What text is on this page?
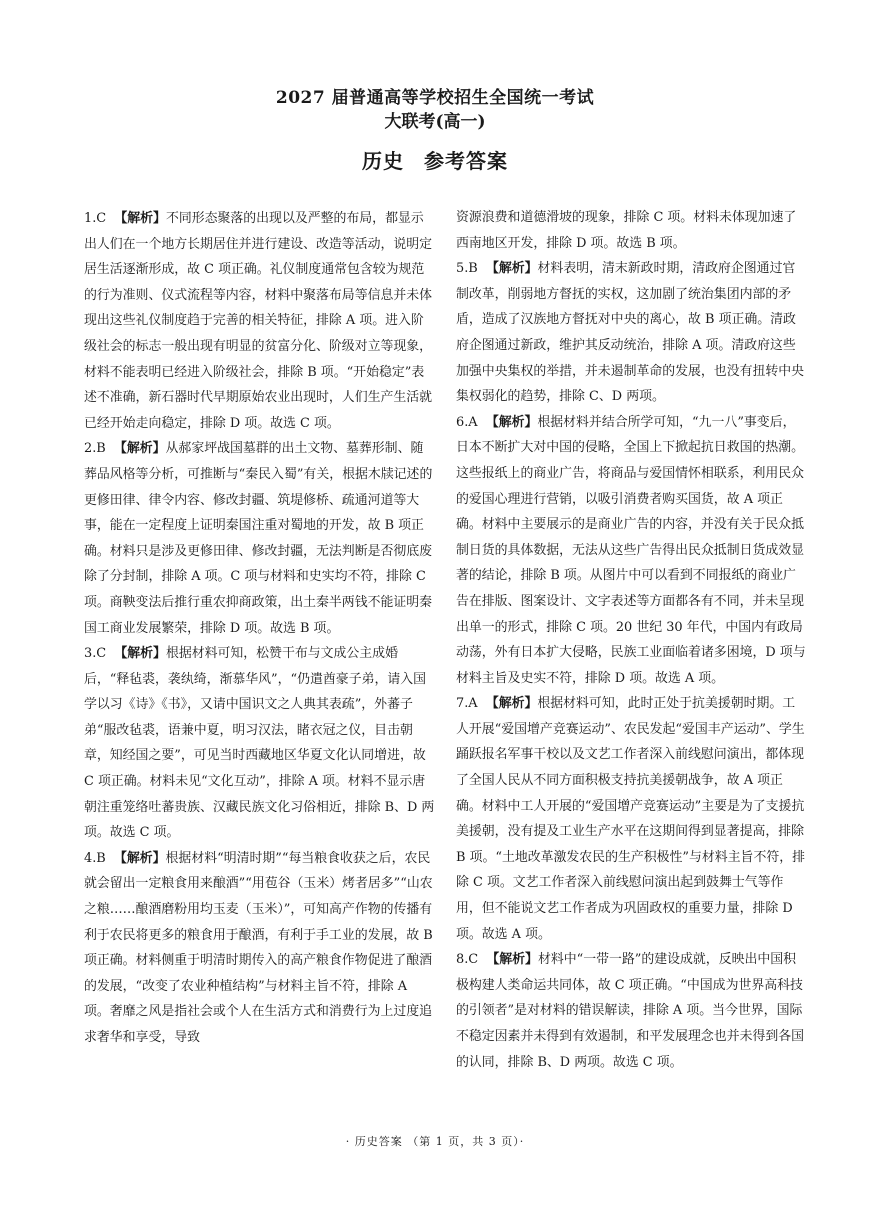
2027 届普通高等学校招生全国统一考试
大联考(高一)
历史 参考答案

1.C 【解析】不同形态聚落的出现以及严整的布局，都显示出人们在一个地方长期居住并进行建设、改造等活动，说明定居生活逐渐形成，故 C 项正确。礼仪制度通常包含较为规范的行为准则、仪式流程等内容，材料中聚落布局等信息并未体现出这些礼仪制度趋于完善的相关特征，排除 A 项。进入阶级社会的标志一般出现有明显的贫富分化、阶级对立等现象，材料不能表明已经进入阶级社会，排除 B 项。“开始稳定”表述不准确，新石器时代早期原始农业出现时，人们生产生活就已经开始走向稳定，排除 D 项。故选 C 项。

2.B 【解析】从郝家坪战国墓群的出土文物、墓葬形制、随葬品风格等分析，可推断与“秦民入蜀”有关，根据木牍记述的更修田律、律令内容、修改封疆、筑堤修桥、疏通河道等大事，能在一定程度上证明秦国注重对蜀地的开发，故 B 项正确。材料只是涉及更修田律、修改封疆，无法判断是否彻底废除了分封制，排除 A 项。C 项与材料和史实均不符，排除 C 项。商鞅变法后推行重农抑商政策，出土秦半两钱不能证明秦国工商业发展繁荣，排除 D 项。故选 B 项。

3.C 【解析】根据材料可知，松赞干布与文成公主成婚后，“释毡裘，袭纨绮，渐慕华风”，“仍遣酋豪子弟，请入国学以习《诗》《书》，又请中国识文之人典其表疏”，外蕃子弟“服改毡裘，语兼中夏，明习汉法，睹衣冠之仪，目击朝章，知经国之要”，可见当时西藏地区华夏文化认同增进，故 C 项正确。材料未见“文化互动”，排除 A 项。材料不显示唐朝注重笼络吐蕃贵族、汉藏民族文化习俗相近，排除 B、D 两项。故选 C 项。

4.B 【解析】根据材料“明清时期”“每当粮食收获之后，农民就会留出一定粮食用来酿酒”“用苞谷（玉米）烤者居多”“山农之粮……酿酒磨粉用均玉麦（玉米）”，可知高产作物的传播有利于农民将更多的粮食用于酿酒，有利于手工业的发展，故 B 项正确。材料侧重于明清时期传入的高产粮食作物促进了酿酒的发展，“改变了农业种植结构”与材料主旨不符，排除 A 项。奢靡之风是指社会或个人在生活方式和消费行为上过度追求奢华和享受，导致

资源浪费和道德滑坡的现象，排除 C 项。材料未体现加速了西南地区开发，排除 D 项。故选 B 项。

5.B 【解析】材料表明，清末新政时期，清政府企图通过官制改革，削弱地方督抚的实权，这加剧了统治集团内部的矛盾，造成了汉族地方督抚对中央的离心，故 B 项正确。清政府企图通过新政，维护其反动统治，排除 A 项。清政府这些加强中央集权的举措，并未遏制革命的发展，也没有扭转中央集权弱化的趋势，排除 C、D 两项。

6.A 【解析】根据材料并结合所学可知，“九一八”事变后，日本不断扩大对中国的侵略，全国上下掀起抗日救国的热潮。这些报纸上的商业广告，将商品与爱国情怀相联系，利用民众的爱国心理进行营销，以吸引消费者购买国货，故 A 项正确。材料中主要展示的是商业广告的内容，并没有关于民众抵制日货的具体数据，无法从这些广告得出民众抵制日货成效显著的结论，排除 B 项。从图片中可以看到不同报纸的商业广告在排版、图案设计、文字表述等方面都各有不同，并未呈现出单一的形式，排除 C 项。20 世纪 30 年代，中国内有政局动荡，外有日本扩大侵略，民族工业面临着诸多困境，D 项与材料主旨及史实不符，排除 D 项。故选 A 项。

7.A 【解析】根据材料可知，此时正处于抗美援朝时期。工人开展“爱国增产竞赛运动”、农民发起“爱国丰产运动”、学生踊跃报名军事干校以及文艺工作者深入前线慰问演出，都体现了全国人民从不同方面积极支持抗美援朝战争，故 A 项正确。材料中工人开展的“爱国增产竞赛运动”主要是为了支援抗美援朝，没有提及工业生产水平在这期间得到显著提高，排除 B 项。“土地改革激发农民的生产积极性”与材料主旨不符，排除 C 项。文艺工作者深入前线慰问演出起到鼓舞士气等作用，但不能说文艺工作者成为巩固政权的重要力量，排除 D 项。故选 A 项。

8.C 【解析】材料中“一带一路”的建设成就，反映出中国积极构建人类命运共同体，故 C 项正确。“中国成为世界高科技的引领者”是对材料的错误解读，排除 A 项。当今世界，国际不稳定因素并未得到有效遏制，和平发展理念也并未得到各国的认同，排除 B、D 两项。故选 C 项。

· 历史答案 （第 1 页，共 3 页）·
